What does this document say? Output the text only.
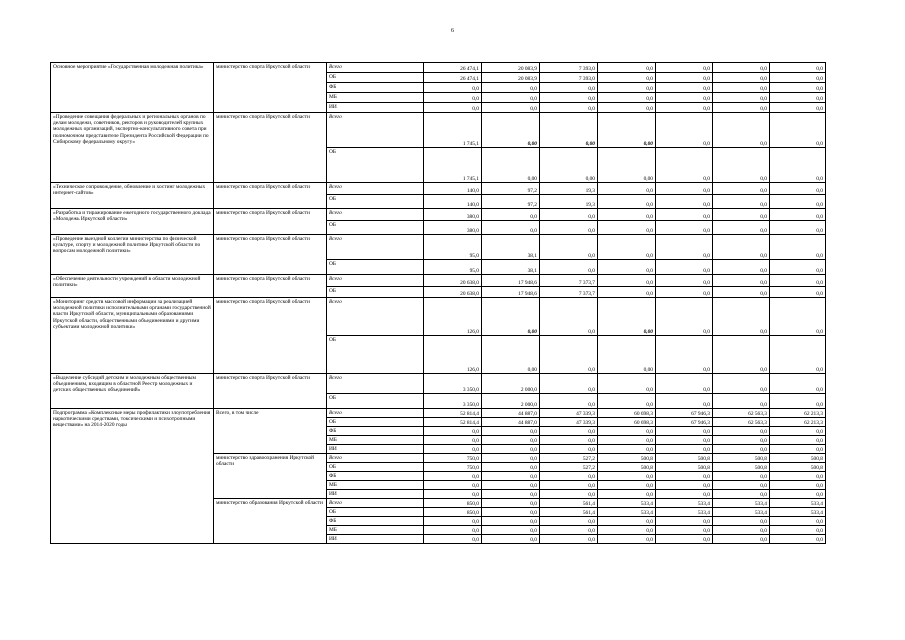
6
Основное мероприятие «Государственная молодежная политика»	министерство спорта Иркутской области	Всего	26 474,1	20 083,9	7 393,0	0,0	0,0	0,0	0,0
		ОБ	26 474,1	20 083,9	7 393,0	0,0	0,0	0,0	0,0
		ФБ	0,0	0,0	0,0	0,0	0,0	0,0	0,0
		МБ	0,0	0,0	0,0	0,0	0,0	0,0	0,0
		ИИ	0,0	0,0	0,0	0,0	0,0	0,0	0,0
«Проведение совещания федеральных и региональных органов по делам молодежи, советников, ректоров и руководителей крупных молодежных организаций, экспертно-консультативного совета при полномочном представителе Президента Российской Федерации по Сибирскому федеральному округу»	министерство спорта Иркутской области	Всего	1 745,1	0,00	0,00	0,00	0,0	0,0	0,0
		ОБ	1 745,1	0,00	0,00	0,00	0,0	0,0	0,0
«Техническое сопровождение, обновление и хостинг молодежных интернет-сайтов»	министерство спорта Иркутской области	Всего	140,0	97,2	19,3	0,0	0,0	0,0	0,0
		ОБ	140,0	97,2	19,3	0,0	0,0	0,0	0,0
«Разработка и тиражирование ежегодного государственного доклада «Молодежь Иркутской области»	министерство спорта Иркутской области	Всего	380,0	0,0	0,0	0,0	0,0	0,0	0,0
		ОБ	380,0	0,0	0,0	0,0	0,0	0,0	0,0
«Проведение выездной коллегии министерства по физической культуре, спорту и молодежной политике Иркутской области по вопросам молодежной политики»	министерство спорта Иркутской области	Всего	95,0	38,1	0,0	0,0	0,0	0,0	0,0
		ОБ	95,0	38,1	0,0	0,0	0,0	0,0	0,0
«Обеспечение деятельности учреждений в области молодежной политики»	министерство спорта Иркутской области	Всего	20 638,0	17 948,6	7 373,7	0,0	0,0	0,0	0,0
		ОБ	20 638,0	17 948,6	7 373,7	0,0	0,0	0,0	0,0
«Мониторинг средств массовой информации за реализацией молодежной политики исполнительными органами государственной власти Иркутской области, муниципальными образованиями Иркутской области, общественными объединениями и другими субъектами молодежной политики»	министерство спорта Иркутской области	Всего	126,0	0,00	0,0	0,00	0,0	0,0	0,0
		ОБ	126,0	0,00	0,0	0,00	0,0	0,0	0,0
«Выделение субсидий детским и молодежным общественным объединениям, входящим в областной Реестр молодежных и детских общественных объединений»	министерство спорта Иркутской области	Всего	3 350,0	2 000,0	0,0	0,0	0,0	0,0	0,0
		ОБ	3 350,0	2 000,0	0,0	0,0	0,0	0,0	0,0
Подпрограмма «Комплексные меры профилактики злоупотребления наркотическими средствами, токсическими и психотропными веществами» на 2014-2020 годы	Всего, в том числе	Всего	52 814,4	44 887,0	47 339,3	60 698,3	67 946,3	62 563,3	62 213,3
		ОБ	52 814,4	44 887,0	47 339,3	60 698,3	67 946,3	62 563,3	62 213,3
		ФБ	0,0	0,0	0,0	0,0	0,0	0,0	0,0
		МБ	0,0	0,0	0,0	0,0	0,0	0,0	0,0
		ИИ	0,0	0,0	0,0	0,0	0,0	0,0	0,0
	министерство здравоохранения Иркутской области	Всего	750,0	0,0	527,2	500,8	500,8	500,8	500,8
		ОБ	750,0	0,0	527,2	500,8	500,8	500,8	500,8
		ФБ	0,0	0,0	0,0	0,0	0,0	0,0	0,0
		МБ	0,0	0,0	0,0	0,0	0,0	0,0	0,0
		ИИ	0,0	0,0	0,0	0,0	0,0	0,0	0,0
	министерство образования Иркутской области	Всего	850,0	0,0	561,4	533,4	533,4	533,4	533,4
		ОБ	850,0	0,0	561,4	533,4	533,4	533,4	533,4
		ФБ	0,0	0,0	0,0	0,0	0,0	0,0	0,0
		МБ	0,0	0,0	0,0	0,0	0,0	0,0	0,0
		ИИ	0,0	0,0	0,0	0,0	0,0	0,0	0,0
